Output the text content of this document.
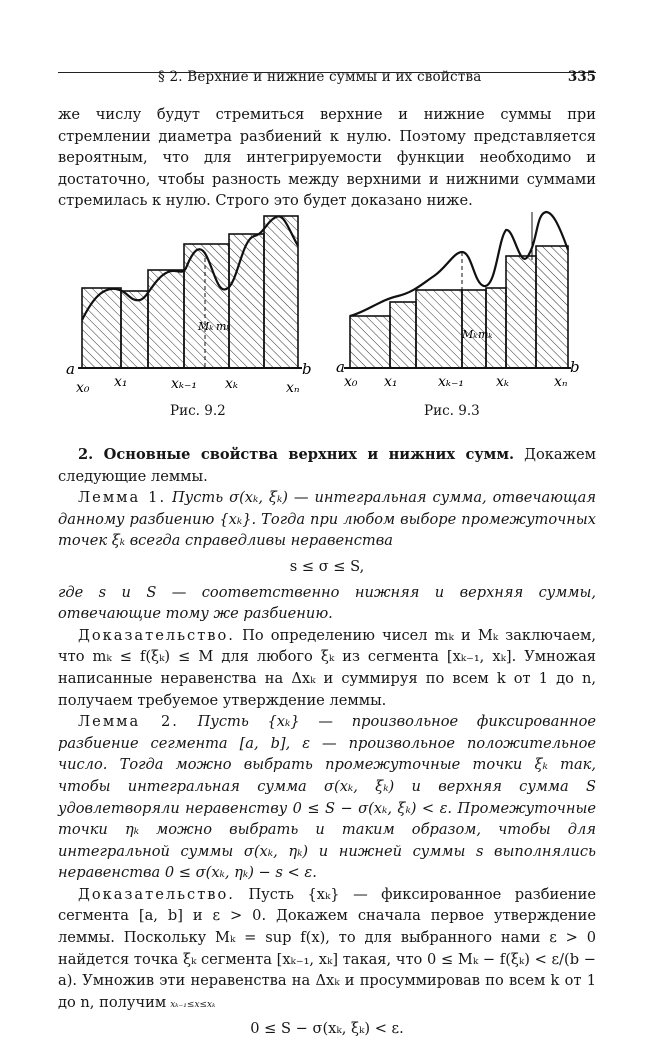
§ 2. Верхние и нижние суммы и их свойства	335

же числу будут стремиться верхние и нижние суммы при стремлении диаметра разбиений к нулю. Поэтому представляется вероятным, что для интегрируемости функции необходимо и достаточно, чтобы разность между верхними и нижними суммами стремилась к нулю. Строго это будет доказано ниже.

Mₖ mₖ
a	b
x₀ x₁	xₖ₋₁ xₖ	xₙ
Mₖ mₖ
a	b
x₀ x₁	xₖ₋₁ xₖ	xₙ
Рис. 9.2	Рис. 9.3

2. Основные свойства верхних и нижних сумм. Докажем следующие леммы.

Лемма 1. Пусть σ(xₖ, ξₖ) — интегральная сумма, отвечающая данному разбиению {xₖ}. Тогда при любом выборе промежуточных точек ξₖ всегда справедливы неравенства

s ≤ σ ≤ S,

где s и S — соответственно нижняя и верхняя суммы, отвечающие тому же разбиению.

Доказательство. По определению чисел mₖ и Mₖ заключаем, что mₖ ≤ f(ξₖ) ≤ M для любого ξₖ из сегмента [xₖ₋₁, xₖ]. Умножая написанные неравенства на Δxₖ и суммируя по всем k от 1 до n, получаем требуемое утверждение леммы.

Лемма 2. Пусть {xₖ} — произвольное фиксированное разбиение сегмента [a, b], ε — произвольное положительное число. Тогда можно выбрать промежуточные точки ξₖ так, чтобы интегральная сумма σ(xₖ, ξₖ) и верхняя сумма S удовлетворяли неравенству 0 ≤ S − σ(xₖ, ξₖ) < ε. Промежуточные точки ηₖ можно выбрать и таким образом, чтобы для интегральной суммы σ(xₖ, ηₖ) и нижней суммы s выполнялись неравенства 0 ≤ σ(xₖ, ηₖ) − s < ε.

Доказательство. Пусть {xₖ} — фиксированное разбиение сегмента [a, b] и ε > 0. Докажем сначала первое утверждение леммы. Поскольку Mₖ = sup f(x), то для выбранного нами ε > 0 найдется точка ξₖ сегмента [xₖ₋₁, xₖ] такая, что 0 ≤ Mₖ − f(ξₖ) < ε/(b − a). Умножив эти неравенства на Δxₖ и просуммировав по всем k от 1 до n, получим xₖ₋₁≤x≤xₖ

0 ≤ S − σ(xₖ, ξₖ) < ε.
